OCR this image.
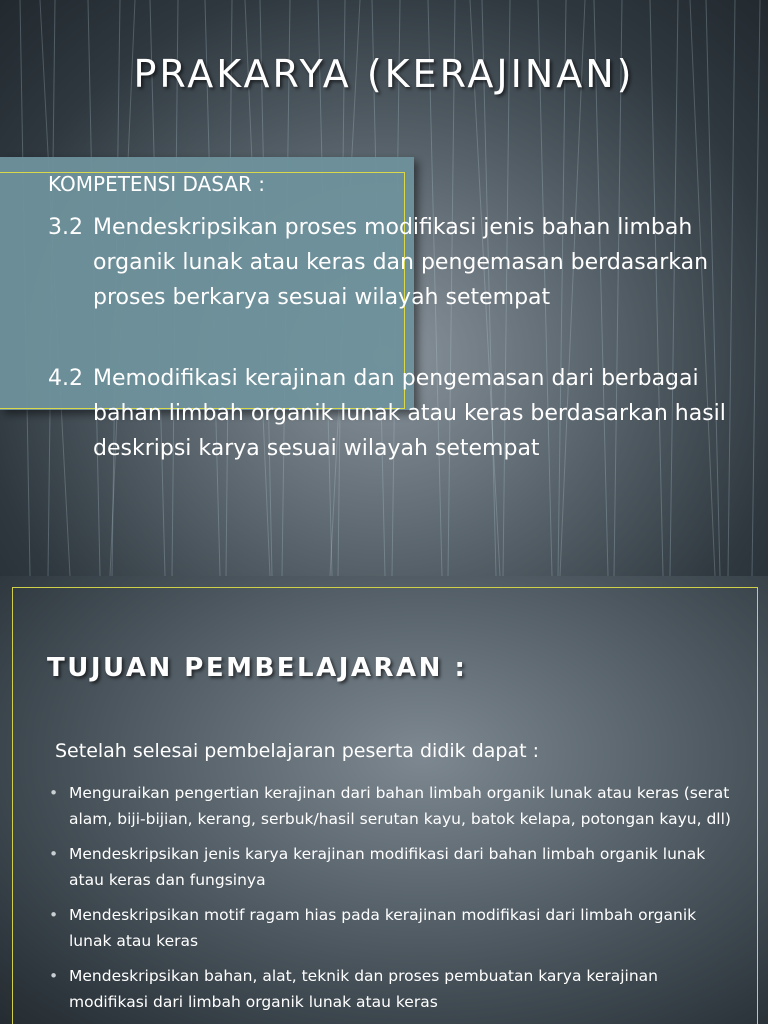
PRAKARYA (KERAJINAN)
KOMPETENSI DASAR :
3.2 Mendeskripsikan proses modifikasi jenis bahan limbah organik lunak atau keras dan pengemasan berdasarkan proses berkarya sesuai wilayah setempat
4.2 Memodifikasi kerajinan dan pengemasan dari berbagai bahan limbah organik lunak atau keras berdasarkan hasil deskripsi karya sesuai wilayah setempat
TUJUAN PEMBELAJARAN :
Setelah selesai pembelajaran peserta didik dapat :
• Menguraikan pengertian kerajinan dari bahan limbah organik lunak atau keras (serat alam, biji-bijian, kerang, serbuk/hasil serutan kayu, batok kelapa, potongan kayu, dll)
• Mendeskripsikan jenis karya kerajinan modifikasi dari bahan limbah organik lunak atau keras dan fungsinya
• Mendeskripsikan motif ragam hias pada kerajinan modifikasi dari limbah organik lunak atau keras
• Mendeskripsikan bahan, alat, teknik dan proses pembuatan karya kerajinan modifikasi dari limbah organik lunak atau keras
